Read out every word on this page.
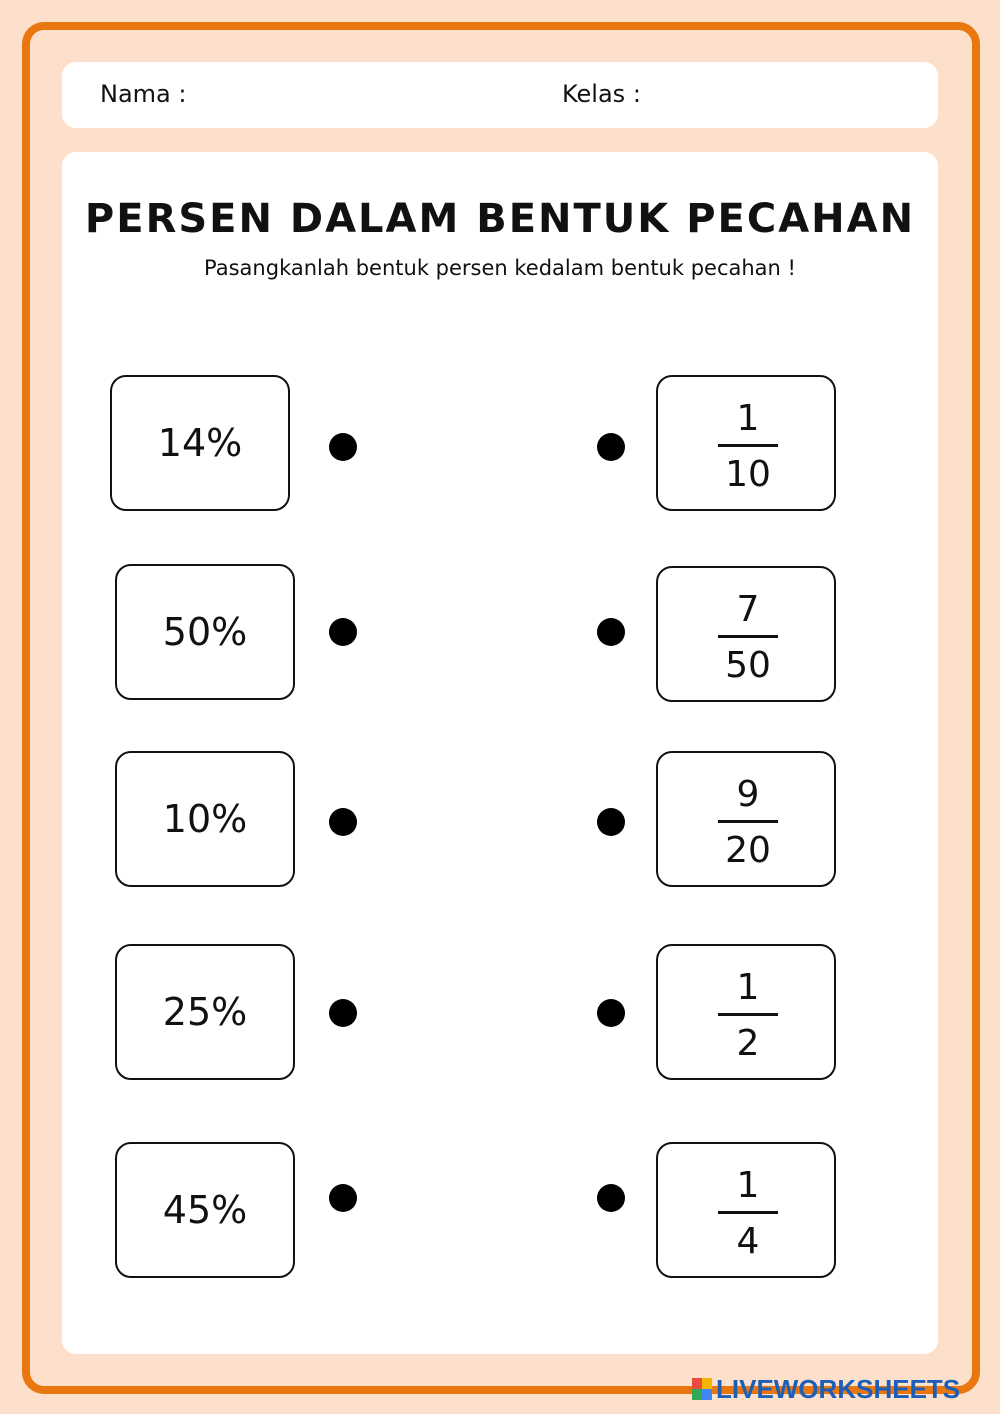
Nama :	Kelas :
PERSEN DALAM BENTUK PECAHAN
Pasangkanlah bentuk persen kedalam bentuk pecahan !
14%
50%
10%
25%
45%
1
10
7
50
9
20
1
2
1
4
LIVEWORKSHEETS
